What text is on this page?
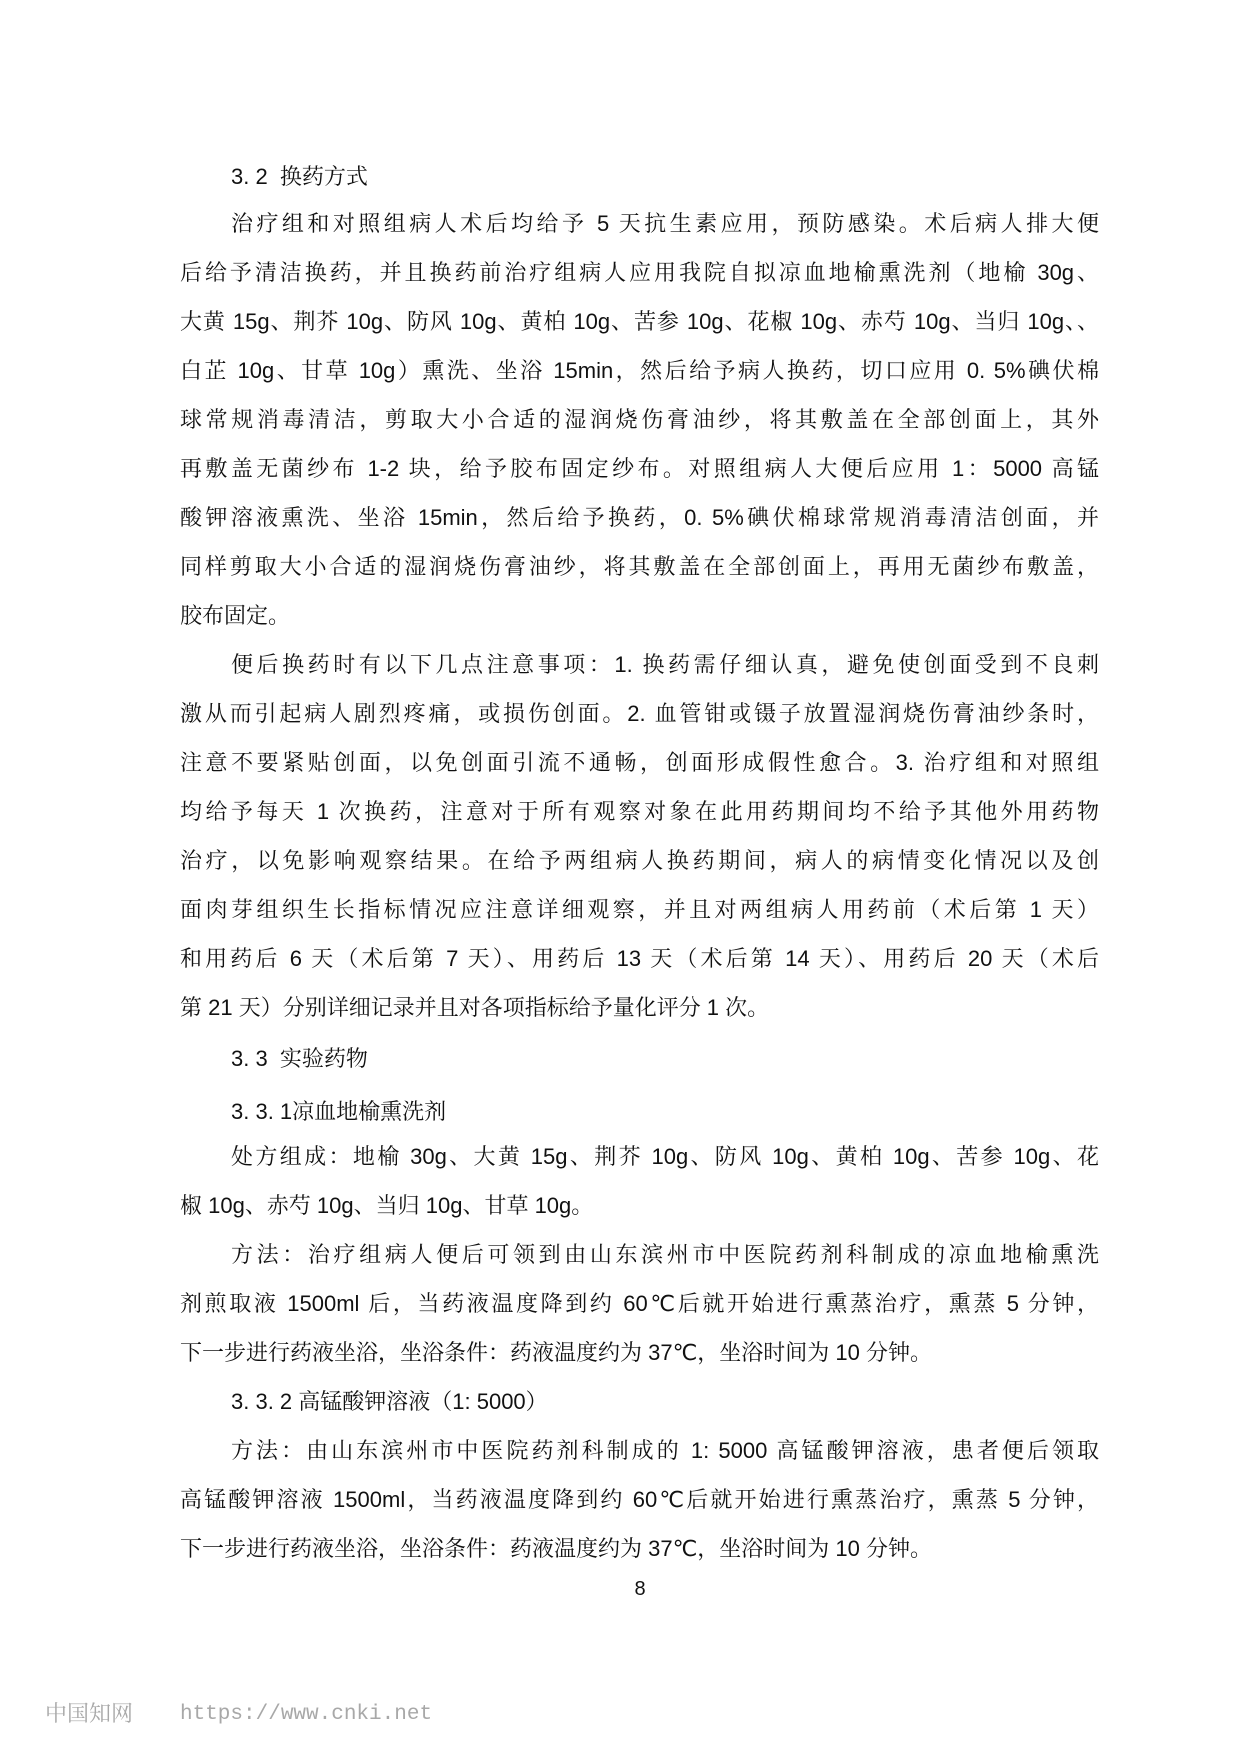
3. 2  换药方式
治疗组和对照组病人术后均给予 5 天抗生素应用，预防感染。术后病人排大便
后给予清洁换药，并且换药前治疗组病人应用我院自拟凉血地榆熏洗剂（地榆 30g、
大黄 15g、荆芥 10g、防风 10g、黄柏 10g、苦参 10g、花椒 10g、赤芍 10g、当归 10g、、
白芷 10g、甘草 10g）熏洗、坐浴 15min，然后给予病人换药，切口应用 0. 5%碘伏棉
球常规消毒清洁，剪取大小合适的湿润烧伤膏油纱，将其敷盖在全部创面上，其外
再敷盖无菌纱布 1-2 块，给予胶布固定纱布。对照组病人大便后应用 1：5000 高锰
酸钾溶液熏洗、坐浴 15min，然后给予换药，0. 5%碘伏棉球常规消毒清洁创面，并
同样剪取大小合适的湿润烧伤膏油纱，将其敷盖在全部创面上，再用无菌纱布敷盖，
胶布固定。
便后换药时有以下几点注意事项：1. 换药需仔细认真，避免使创面受到不良刺
激从而引起病人剧烈疼痛，或损伤创面。2. 血管钳或镊子放置湿润烧伤膏油纱条时，
注意不要紧贴创面，以免创面引流不通畅，创面形成假性愈合。3. 治疗组和对照组
均给予每天 1 次换药，注意对于所有观察对象在此用药期间均不给予其他外用药物
治疗，以免影响观察结果。在给予两组病人换药期间，病人的病情变化情况以及创
面肉芽组织生长指标情况应注意详细观察，并且对两组病人用药前（术后第 1 天）
和用药后 6 天（术后第 7 天）、用药后 13 天（术后第 14 天）、用药后 20 天（术后
第 21 天）分别详细记录并且对各项指标给予量化评分 1 次。
3. 3  实验药物
3. 3. 1凉血地榆熏洗剂
处方组成：地榆 30g、大黄 15g、荆芥 10g、防风 10g、黄柏 10g、苦参 10g、花
椒 10g、赤芍 10g、当归 10g、甘草 10g。
方法：治疗组病人便后可领到由山东滨州市中医院药剂科制成的凉血地榆熏洗
剂煎取液 1500ml 后，当药液温度降到约 60℃后就开始进行熏蒸治疗，熏蒸 5 分钟，
下一步进行药液坐浴，坐浴条件：药液温度约为 37℃，坐浴时间为 10 分钟。
3. 3. 2 高锰酸钾溶液（1: 5000）
方法：由山东滨州市中医院药剂科制成的 1: 5000 高锰酸钾溶液，患者便后领取
高锰酸钾溶液 1500ml，当药液温度降到约 60℃后就开始进行熏蒸治疗，熏蒸 5 分钟，
下一步进行药液坐浴，坐浴条件：药液温度约为 37℃，坐浴时间为 10 分钟。
8
中国知网 https://www.cnki.net
